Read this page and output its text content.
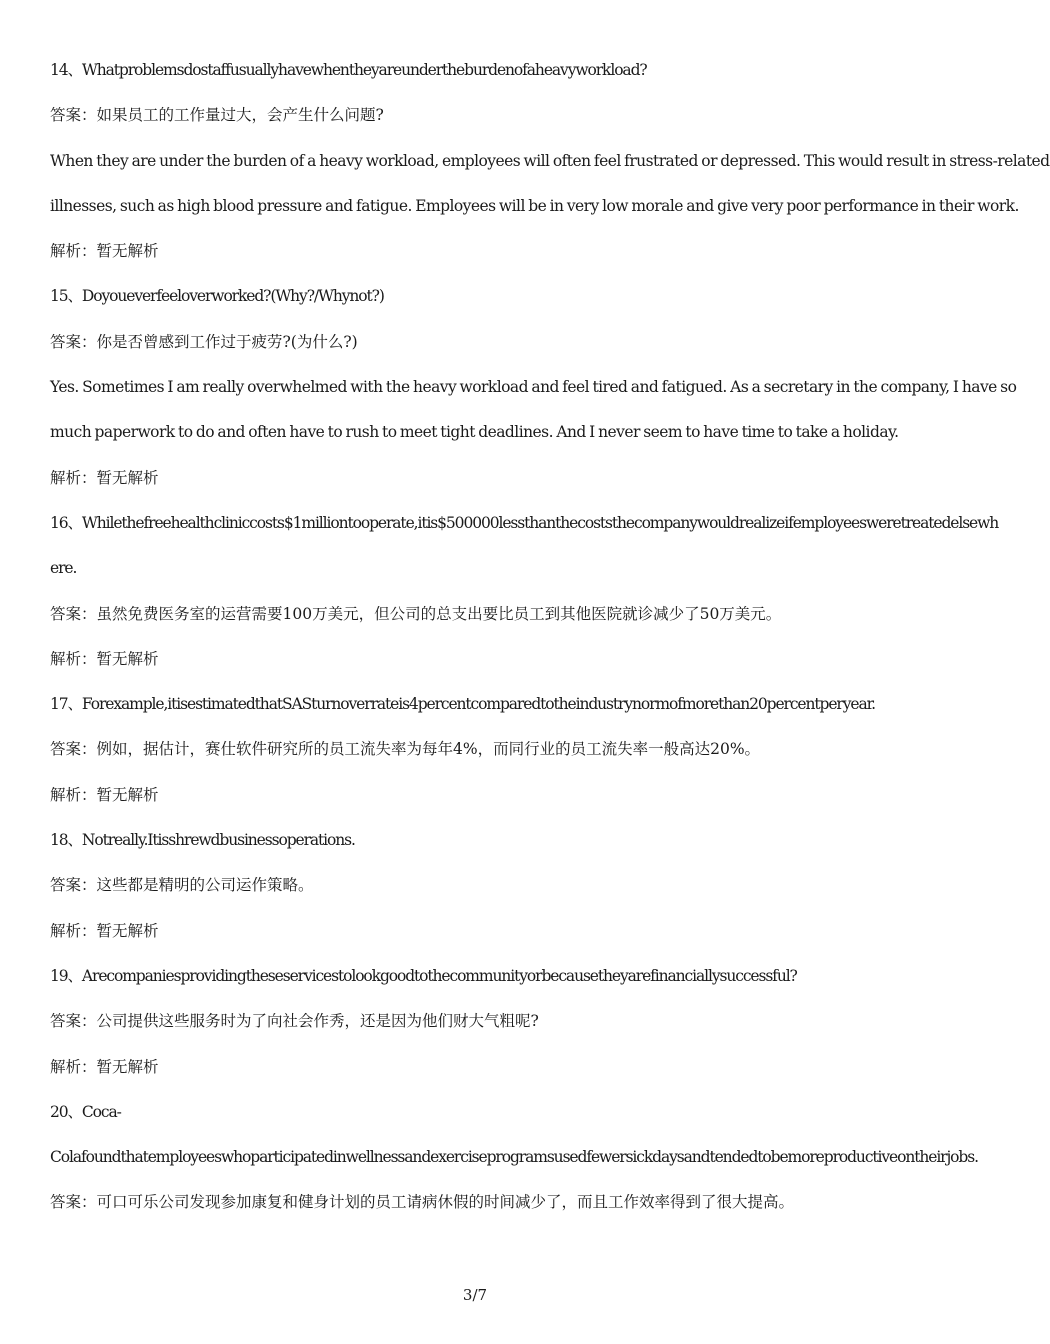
14、Whatproblemsdostaffusuallyhavewhentheyareundertheburdenofaheavyworkload?
答案：如果员工的工作量过大，会产生什么问题?
When they are under the burden of a heavy workload, employees will often feel frustrated or depressed. This would result in stress-related
illnesses, such as high blood pressure and fatigue. Employees will be in very low morale and give very poor performance in their work.
解析：暂无解析
15、Doyoueverfeeloverworked?(Why?/Whynot?)
答案：你是否曾感到工作过于疲劳?(为什么?)
Yes. Sometimes I am really overwhelmed with the heavy workload and feel tired and fatigued. As a secretary in the company, I have so
much paperwork to do and often have to rush to meet tight deadlines. And I never seem to have time to take a holiday.
解析：暂无解析
16、Whilethefreehealthcliniccosts$1milliontooperate,itis$500000lessthanthecoststhecompanywouldrealizeifemployeesweretreatedelsewh
ere.
答案：虽然免费医务室的运营需要100万美元，但公司的总支出要比员工到其他医院就诊减少了50万美元。
解析：暂无解析
17、Forexample,itisestimatedthatSASturnoverrateis4percentcomparedtotheindustrynormofmorethan20percentperyear.
答案：例如，据估计，赛仕软件研究所的员工流失率为每年4%，而同行业的员工流失率一般高达20%。
解析：暂无解析
18、Notreally.Itisshrewdbusinessoperations.
答案：这些都是精明的公司运作策略。
解析：暂无解析
19、Arecompaniesprovidingtheseservicestolookgoodtothecommunityorbecausetheyarefinanciallysuccessful?
答案：公司提供这些服务时为了向社会作秀，还是因为他们财大气粗呢?
解析：暂无解析
20、Coca-
Colafoundthatemployeeswhoparticipatedinwellnessandexerciseprogramsusedfewersickdaysandtendedtobemoreproductiveontheirjobs.
答案：可口可乐公司发现参加康复和健身计划的员工请病休假的时间减少了，而且工作效率得到了很大提高。
3/7
